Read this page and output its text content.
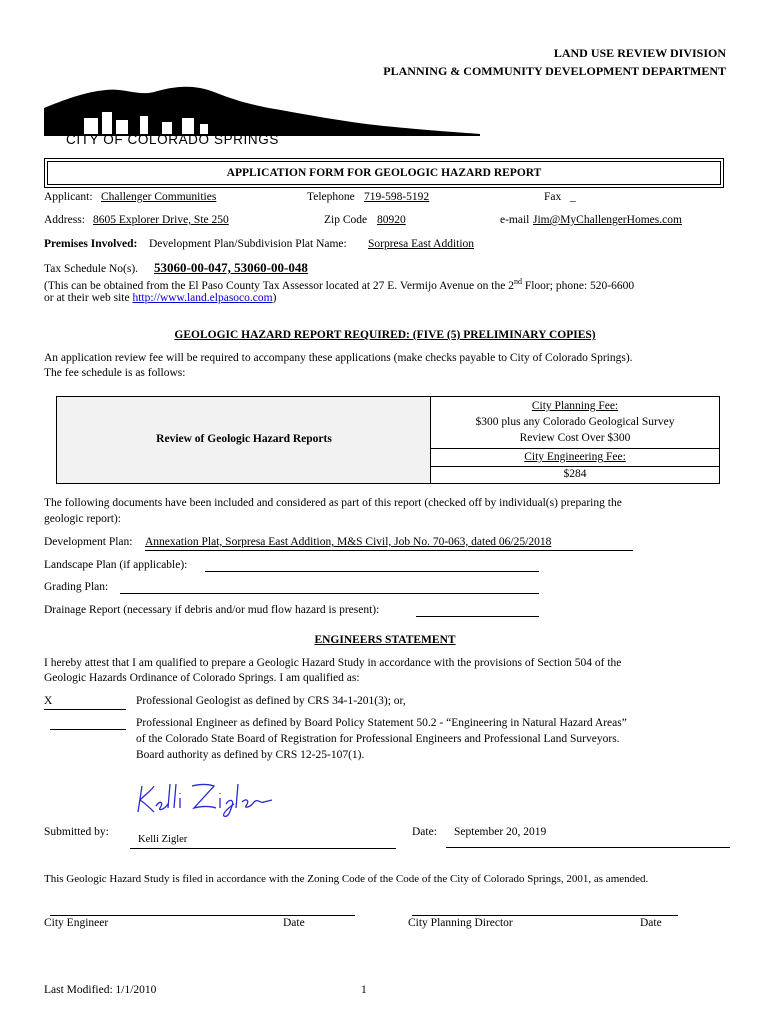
LAND USE REVIEW DIVISION
PLANNING & COMMUNITY DEVELOPMENT DEPARTMENT
CITY OF COLORADO SPRINGS
APPLICATION FORM FOR GEOLOGIC HAZARD REPORT
Applicant: Challenger Communities	Telephone 719-598-5192	Fax _
Address: 8605 Explorer Drive, Ste 250	Zip Code 80920	e-mail Jim@MyChallengerHomes.com
Premises Involved: Development Plan/Subdivision Plat Name: Sorpresa East Addition
Tax Schedule No(s). 53060-00-047, 53060-00-048
(This can be obtained from the El Paso County Tax Assessor located at 27 E. Vermijo Avenue on the 2nd Floor; phone: 520-6600
or at their web site http://www.land.elpasoco.com)
GEOLOGIC HAZARD REPORT REQUIRED: (FIVE (5) PRELIMINARY COPIES)
An application review fee will be required to accompany these applications (make checks payable to City of Colorado Springs).
The fee schedule is as follows:
Review of Geologic Hazard Reports
City Planning Fee:
$300 plus any Colorado Geological Survey
Review Cost Over $300
City Engineering Fee:
$284
The following documents have been included and considered as part of this report (checked off by individual(s) preparing the
geologic report):
Development Plan: Annexation Plat, Sorpresa East Addition, M&S Civil, Job No. 70-063, dated 06/25/2018
Landscape Plan (if applicable):
Grading Plan:
Drainage Report (necessary if debris and/or mud flow hazard is present):
ENGINEERS STATEMENT
I hereby attest that I am qualified to prepare a Geologic Hazard Study in accordance with the provisions of Section 504 of the
Geologic Hazards Ordinance of Colorado Springs. I am qualified as:
X	Professional Geologist as defined by CRS 34-1-201(3); or,
Professional Engineer as defined by Board Policy Statement 50.2 - “Engineering in Natural Hazard Areas”
of the Colorado State Board of Registration for Professional Engineers and Professional Land Surveyors.
Board authority as defined by CRS 12-25-107(1).
Submitted by:
Kelli Zigler
Date:	September 20, 2019
This Geologic Hazard Study is filed in accordance with the Zoning Code of the Code of the City of Colorado Springs, 2001, as amended.
City Engineer	Date	City Planning Director	Date
Last Modified: 1/1/2010	1
